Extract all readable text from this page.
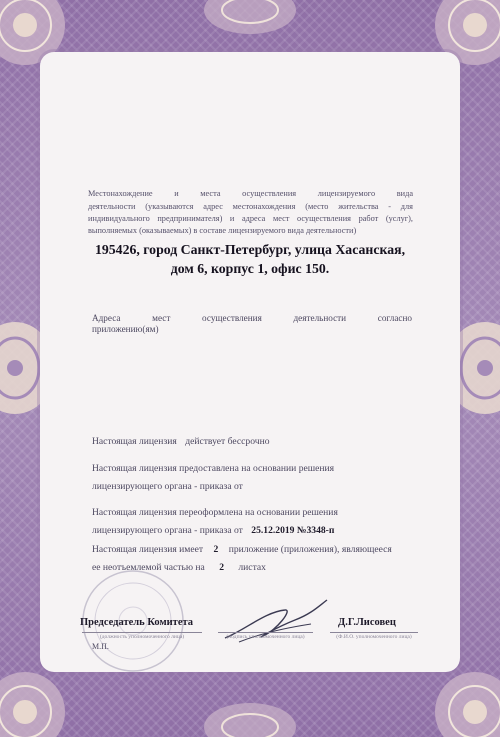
Местонахождение и места осуществления лицензируемого вида
деятельности (указываются адрес местонахождения (место жительства - для
индивидуального предпринимателя) и адреса мест осуществления работ (услуг),
выполняемых (оказываемых) в составе лицензируемого вида деятельности)
195426, город Санкт-Петербург, улица Хасанская,
дом 6, корпус 1, офис 150.
Адреса мест осуществления деятельности согласно
приложению(ям)
Настоящая лицензия действует бессрочно
Настоящая лицензия предоставлена на основании решения
лицензирующего органа - приказа от
Настоящая лицензия переоформлена на основании решения
лицензирующего органа - приказа от 25.12.2019 №3348-п
Настоящая лицензия имеет 2 приложение (приложения), являющееся
ее неотъемлемой частью на 2 листах
Председатель Комитета
(должность уполномоченного лица)	(подпись уполномоченного лица)
Д.Г.Лисовец
(Ф.И.О. уполномоченного лица)
М.П.
